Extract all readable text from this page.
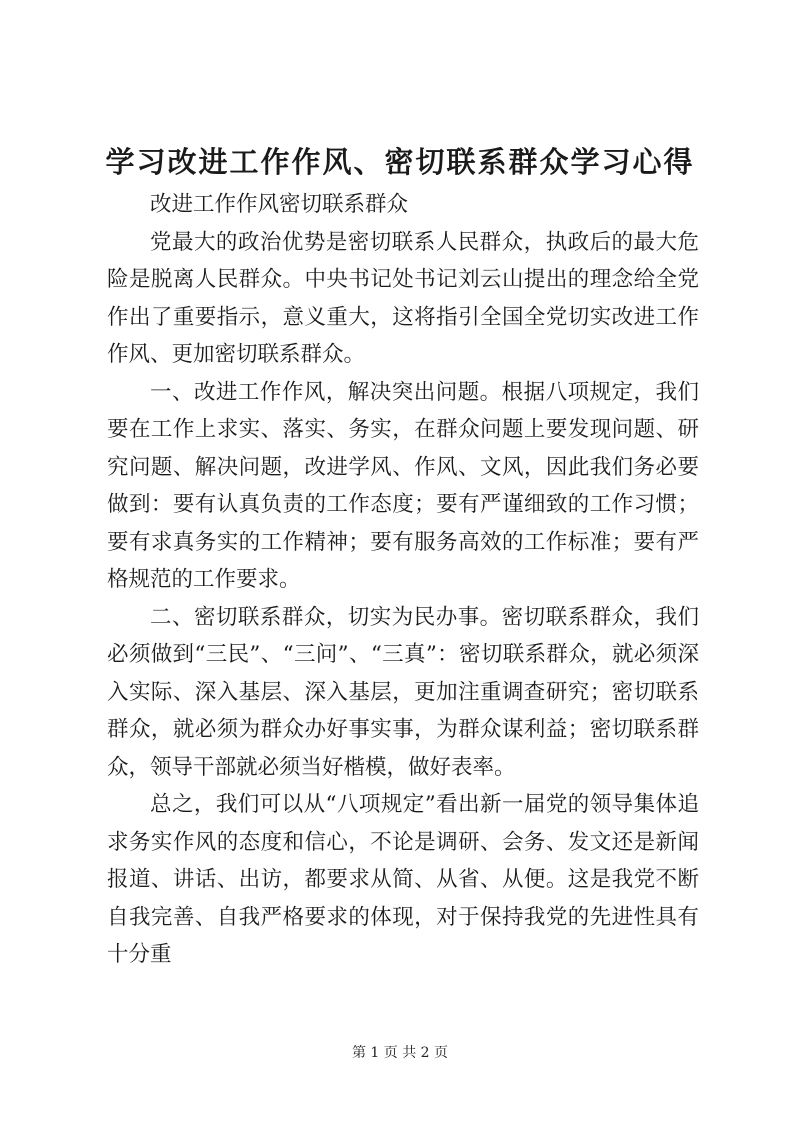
学习改进工作作风、密切联系群众学习心得

改进工作作风密切联系群众

党最大的政治优势是密切联系人民群众，执政后的最大危险是脱离人民群众。中央书记处书记刘云山提出的理念给全党作出了重要指示，意义重大，这将指引全国全党切实改进工作作风、更加密切联系群众。

一、改进工作作风，解决突出问题。根据八项规定，我们要在工作上求实、落实、务实，在群众问题上要发现问题、研究问题、解决问题，改进学风、作风、文风，因此我们务必要做到：要有认真负责的工作态度；要有严谨细致的工作习惯；要有求真务实的工作精神；要有服务高效的工作标准；要有严格规范的工作要求。

二、密切联系群众，切实为民办事。密切联系群众，我们必须做到“三民”、“三问”、“三真”：密切联系群众，就必须深入实际、深入基层、深入基层，更加注重调查研究；密切联系群众，就必须为群众办好事实事，为群众谋利益；密切联系群众，领导干部就必须当好楷模，做好表率。

总之，我们可以从“八项规定”看出新一届党的领导集体追求务实作风的态度和信心，不论是调研、会务、发文还是新闻报道、讲话、出访，都要求从简、从省、从便。这是我党不断自我完善、自我严格要求的体现，对于保持我党的先进性具有十分重

第 1 页 共 2 页
